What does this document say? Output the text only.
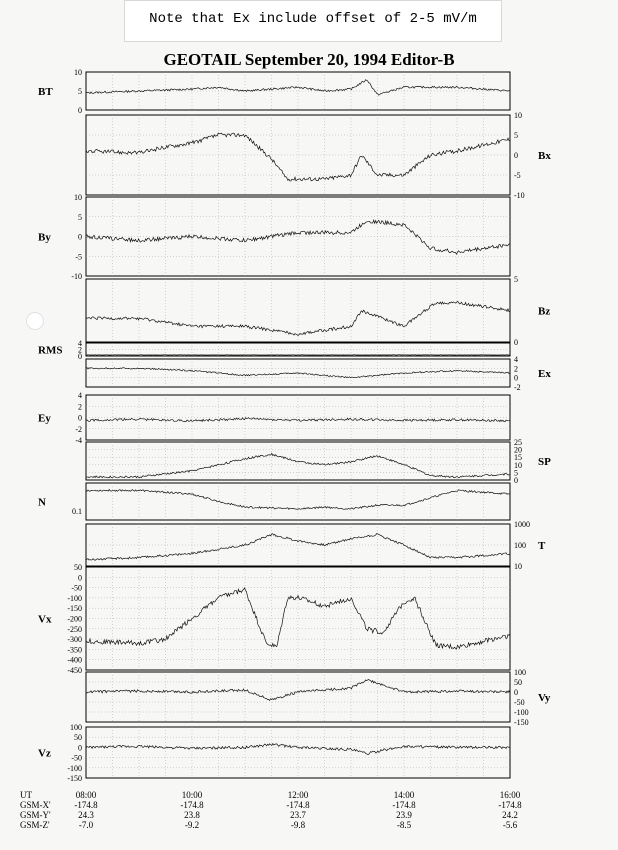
Note that Ex include offset of 2-5 mV/m
GEOTAIL September 20, 1994 Editor-B
10
5
0
BT
10
5
0
-5
-10
Bx
10
5
0
-5
-10
By
5
0
Bz
4
2
0
RMS
4
2
0
-2
Ex
4
2
0
-2
-4
Ey
25
20
15
10
5
0
SP
0.1
N
1000
100
10
T
50
0
-50
-100
-150
-200
-250
-300
-350
-400
-450
Vx
100
50
0
-50
-100
-150
Vy
100
50
0
-50
-100
-150
Vz
UT
GSM-X'
GSM-Y'
GSM-Z'
08:00
-174.8
24.3
-7.0
10:00
-174.8
23.8
-9.2
12:00
-174.8
23.7
-9.8
14:00
-174.8
23.9
-8.5
16:00
-174.8
24.2
-5.6
